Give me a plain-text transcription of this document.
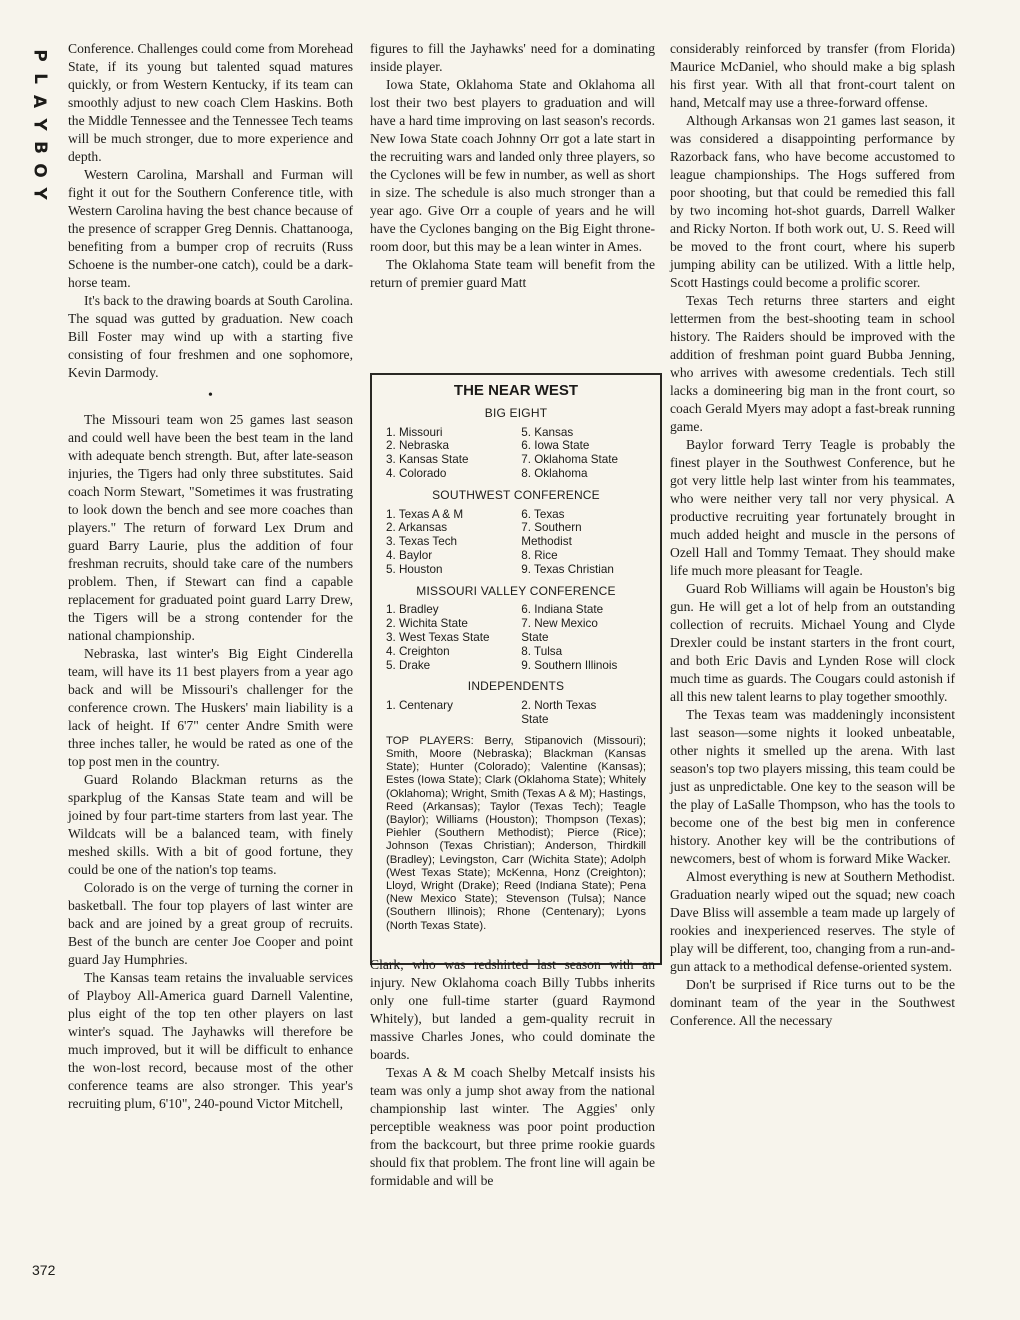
P
L
A
Y
B
O
Y

Conference. Challenges could come from Morehead State, if its young but talented squad matures quickly, or from Western Kentucky, if its team can smoothly adjust to new coach Clem Haskins. Both the Middle Tennessee and the Tennessee Tech teams will be much stronger, due to more experience and depth.

Western Carolina, Marshall and Furman will fight it out for the Southern Conference title, with Western Carolina having the best chance because of the presence of scrapper Greg Dennis. Chattanooga, benefiting from a bumper crop of recruits (Russ Schoene is the number-one catch), could be a dark-horse team.

It's back to the drawing boards at South Carolina. The squad was gutted by graduation. New coach Bill Foster may wind up with a starting five consisting of four freshmen and one sophomore, Kevin Darmody.

•

The Missouri team won 25 games last season and could well have been the best team in the land with adequate bench strength. But, after late-season injuries, the Tigers had only three substitutes. Said coach Norm Stewart, "Sometimes it was frustrating to look down the bench and see more coaches than players." The return of forward Lex Drum and guard Barry Laurie, plus the addition of four freshman recruits, should take care of the numbers problem. Then, if Stewart can find a capable replacement for graduated point guard Larry Drew, the Tigers will be a strong contender for the national championship.

Nebraska, last winter's Big Eight Cinderella team, will have its 11 best players from a year ago back and will be Missouri's challenger for the conference crown. The Huskers' main liability is a lack of height. If 6'7" center Andre Smith were three inches taller, he would be rated as one of the top post men in the country.

Guard Rolando Blackman returns as the sparkplug of the Kansas State team and will be joined by four part-time starters from last year. The Wildcats will be a balanced team, with finely meshed skills. With a bit of good fortune, they could be one of the nation's top teams.

Colorado is on the verge of turning the corner in basketball. The four top players of last winter are back and are joined by a great group of recruits. Best of the bunch are center Joe Cooper and point guard Jay Humphries.

The Kansas team retains the invaluable services of Playboy All-America guard Darnell Valentine, plus eight of the top ten other players on last winter's squad. The Jayhawks will therefore be much improved, but it will be difficult to enhance the won-lost record, because most of the other conference teams are also stronger. This year's recruiting plum, 6'10", 240-pound Victor Mitchell,

figures to fill the Jayhawks' need for a dominating inside player.

Iowa State, Oklahoma State and Oklahoma all lost their two best players to graduation and will have a hard time improving on last season's records. New Iowa State coach Johnny Orr got a late start in the recruiting wars and landed only three players, so the Cyclones will be few in number, as well as short in size. The schedule is also much stronger than a year ago. Give Orr a couple of years and he will have the Cyclones banging on the Big Eight throne-room door, but this may be a lean winter in Ames.

The Oklahoma State team will benefit from the return of premier guard Matt

THE NEAR WEST
BIG EIGHT
1. Missouri
2. Nebraska
3. Kansas State
4. Colorado
5. Kansas
6. Iowa State
7. Oklahoma State
8. Oklahoma
SOUTHWEST CONFERENCE
1. Texas A & M
2. Arkansas
3. Texas Tech
4. Baylor
5. Houston
6. Texas
7. Southern  Methodist
8. Rice
9. Texas Christian
MISSOURI VALLEY CONFERENCE
1. Bradley
2. Wichita State
3. West Texas State
4. Creighton
5. Drake
6. Indiana State
7. New Mexico  State
8. Tulsa
9. Southern Illinois
INDEPENDENTS
1. Centenary	2. North Texas  State
TOP PLAYERS: Berry, Stipanovich (Missouri); Smith, Moore (Nebraska); Blackman (Kansas State); Hunter (Colorado); Valentine (Kansas); Estes (Iowa State); Clark (Oklahoma State); Whitely (Oklahoma); Wright, Smith (Texas A & M); Hastings, Reed (Arkansas); Taylor (Texas Tech); Teagle (Baylor); Williams (Houston); Thompson (Texas); Piehler (Southern Methodist); Pierce (Rice); Johnson (Texas Christian); Anderson, Thirdkill (Bradley); Levingston, Carr (Wichita State); Adolph (West Texas State); McKenna, Honz (Creighton); Lloyd, Wright (Drake); Reed (Indiana State); Pena (New Mexico State); Stevenson (Tulsa); Nance (Southern Illinois); Rhone (Centenary); Lyons (North Texas State).

Clark, who was redshirted last season with an injury. New Oklahoma coach Billy Tubbs inherits only one full-time starter (guard Raymond Whitely), but landed a gem-quality recruit in massive Charles Jones, who could dominate the boards.

Texas A & M coach Shelby Metcalf insists his team was only a jump shot away from the national championship last winter. The Aggies' only perceptible weakness was poor point production from the backcourt, but three prime rookie guards should fix that problem. The front line will again be formidable and will be

considerably reinforced by transfer (from Florida) Maurice McDaniel, who should make a big splash his first year. With all that front-court talent on hand, Metcalf may use a three-forward offense.

Although Arkansas won 21 games last season, it was considered a disappointing performance by Razorback fans, who have become accustomed to league championships. The Hogs suffered from poor shooting, but that could be remedied this fall by two incoming hot-shot guards, Darrell Walker and Ricky Norton. If both work out, U. S. Reed will be moved to the front court, where his superb jumping ability can be utilized. With a little help, Scott Hastings could become a prolific scorer.

Texas Tech returns three starters and eight lettermen from the best-shooting team in school history. The Raiders should be improved with the addition of freshman point guard Bubba Jenning, who arrives with awesome credentials. Tech still lacks a domineering big man in the front court, so coach Gerald Myers may adopt a fast-break running game.

Baylor forward Terry Teagle is probably the finest player in the Southwest Conference, but he got very little help last winter from his teammates, who were neither very tall nor very physical. A productive recruiting year fortunately brought in much added height and muscle in the persons of Ozell Hall and Tommy Temaat. They should make life much more pleasant for Teagle.

Guard Rob Williams will again be Houston's big gun. He will get a lot of help from an outstanding collection of recruits. Michael Young and Clyde Drexler could be instant starters in the front court, and both Eric Davis and Lynden Rose will clock much time as guards. The Cougars could astonish if all this new talent learns to play together smoothly.

The Texas team was maddeningly inconsistent last season—some nights it looked unbeatable, other nights it smelled up the arena. With last season's top two players missing, this team could be just as unpredictable. One key to the season will be the play of LaSalle Thompson, who has the tools to become one of the best big men in conference history. Another key will be the contributions of newcomers, best of whom is forward Mike Wacker.

Almost everything is new at Southern Methodist. Graduation nearly wiped out the squad; new coach Dave Bliss will assemble a team made up largely of rookies and inexperienced reserves. The style of play will be different, too, changing from a run-and-gun attack to a methodical defense-oriented system.

Don't be surprised if Rice turns out to be the dominant team of the year in the Southwest Conference. All the necessary

372
